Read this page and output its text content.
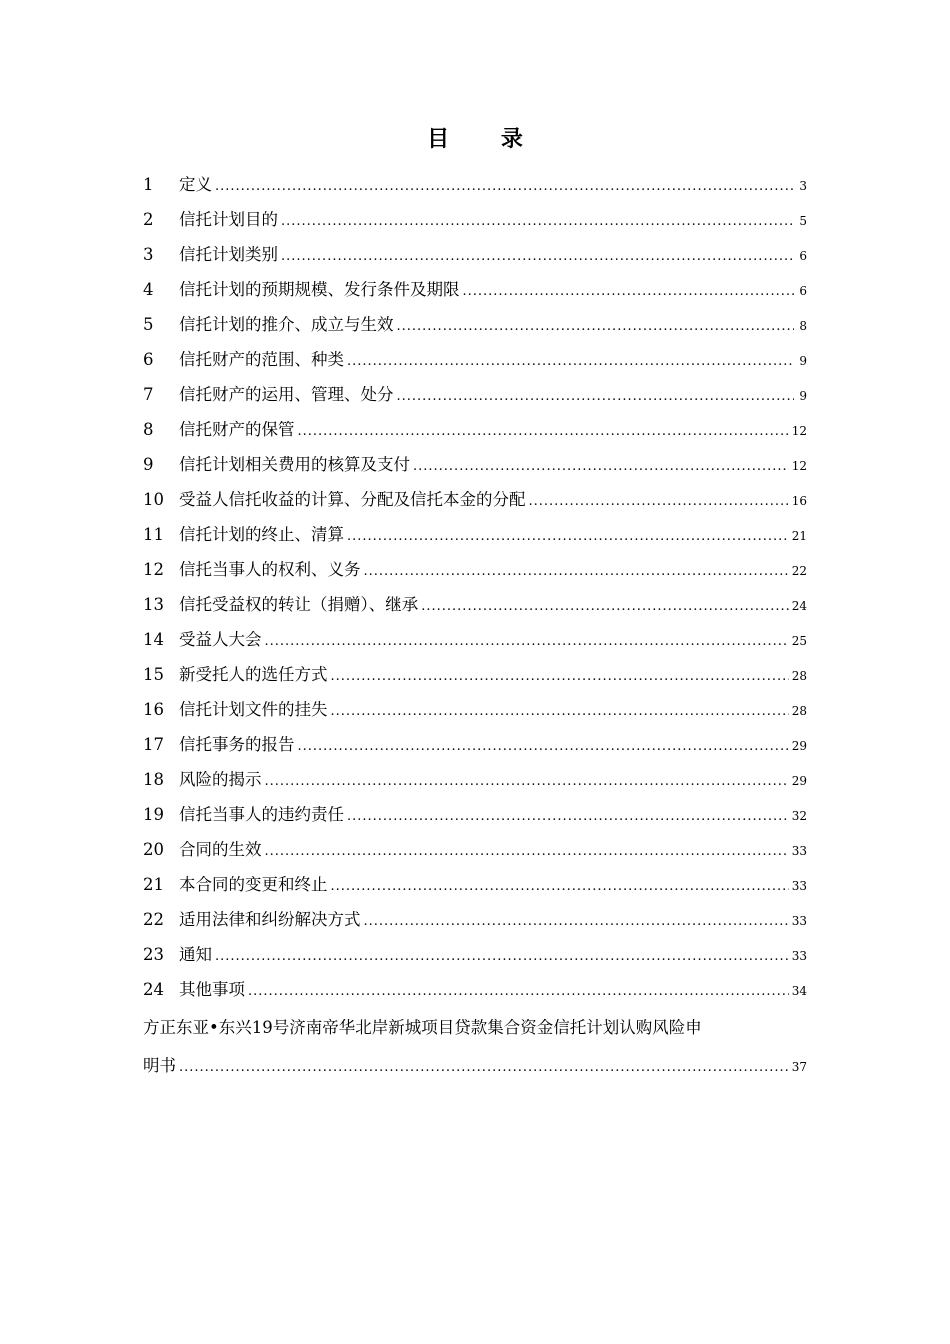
目 录
1	定义 .....	3
2	信托计划目的 .....	5
3	信托计划类别 .....	6
4	信托计划的预期规模、发行条件及期限 .....	6
5	信托计划的推介、成立与生效 .....	8
6	信托财产的范围、种类 .....	9
7	信托财产的运用、管理、处分 .....	9
8	信托财产的保管 .....	12
9	信托计划相关费用的核算及支付 .....	12
10 受益人信托收益的计算、分配及信托本金的分配 .....	16
11 信托计划的终止、清算 .....	21
12 信托当事人的权利、义务 .....	22
13 信托受益权的转让（捐赠）、继承 .....	24
14 受益人大会 .....	25
15 新受托人的选任方式 .....	28
16 信托计划文件的挂失 .....	28
17 信托事务的报告 .....	29
18 风险的揭示 .....	29
19 信托当事人的违约责任 .....	32
20 合同的生效 .....	33
21 本合同的变更和终止 .....	33
22 适用法律和纠纷解决方式 .....	33
23 通知 .....	33
24 其他事项 .....	34
方正东亚•东兴19号济南帝华北岸新城项目贷款集合资金信托计划认购风险申
明书 .....	37
